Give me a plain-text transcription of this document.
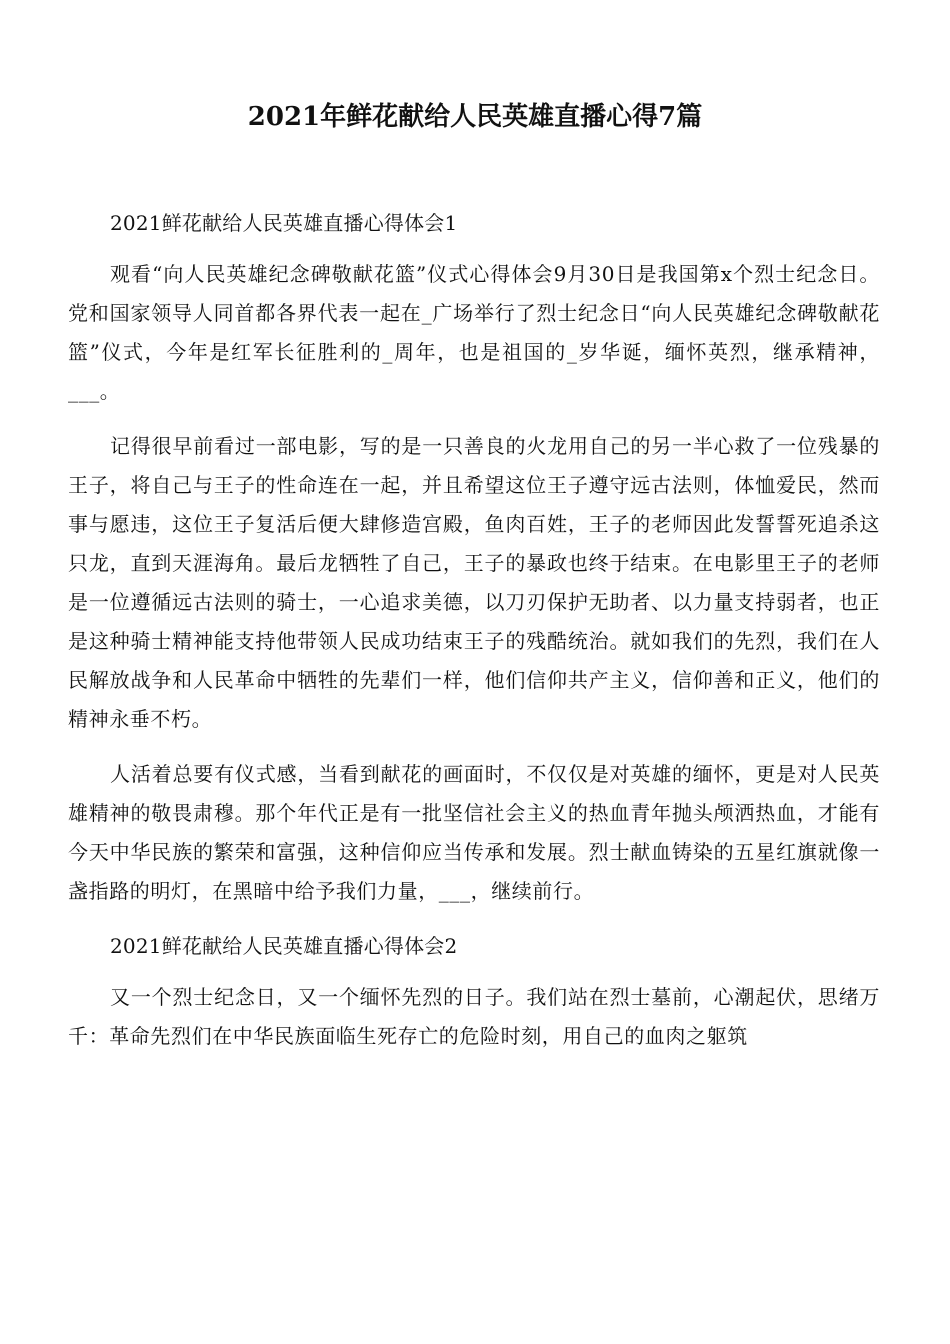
2021年鲜花献给人民英雄直播心得7篇

2021鲜花献给人民英雄直播心得体会1

观看“向人民英雄纪念碑敬献花篮”仪式心得体会9月30日是我国第x个烈士纪念日。党和国家领导人同首都各界代表一起在_广场举行了烈士纪念日“向人民英雄纪念碑敬献花篮”仪式，今年是红军长征胜利的_周年，也是祖国的_岁华诞，缅怀英烈，继承精神，___。

记得很早前看过一部电影，写的是一只善良的火龙用自己的另一半心救了一位残暴的王子，将自己与王子的性命连在一起，并且希望这位王子遵守远古法则，体恤爱民，然而事与愿违，这位王子复活后便大肆修造宫殿，鱼肉百姓，王子的老师因此发誓誓死追杀这只龙，直到天涯海角。最后龙牺牲了自己，王子的暴政也终于结束。在电影里王子的老师是一位遵循远古法则的骑士，一心追求美德，以刀刃保护无助者、以力量支持弱者，也正是这种骑士精神能支持他带领人民成功结束王子的残酷统治。就如我们的先烈，我们在人民解放战争和人民革命中牺牲的先辈们一样，他们信仰共产主义，信仰善和正义，他们的精神永垂不朽。

人活着总要有仪式感，当看到献花的画面时，不仅仅是对英雄的缅怀，更是对人民英雄精神的敬畏肃穆。那个年代正是有一批坚信社会主义的热血青年抛头颅洒热血，才能有今天中华民族的繁荣和富强，这种信仰应当传承和发展。烈士献血铸染的五星红旗就像一盏指路的明灯，在黑暗中给予我们力量，___，继续前行。

2021鲜花献给人民英雄直播心得体会2

又一个烈士纪念日，又一个缅怀先烈的日子。我们站在烈士墓前，心潮起伏，思绪万千：革命先烈们在中华民族面临生死存亡的危险时刻，用自己的血肉之躯筑
